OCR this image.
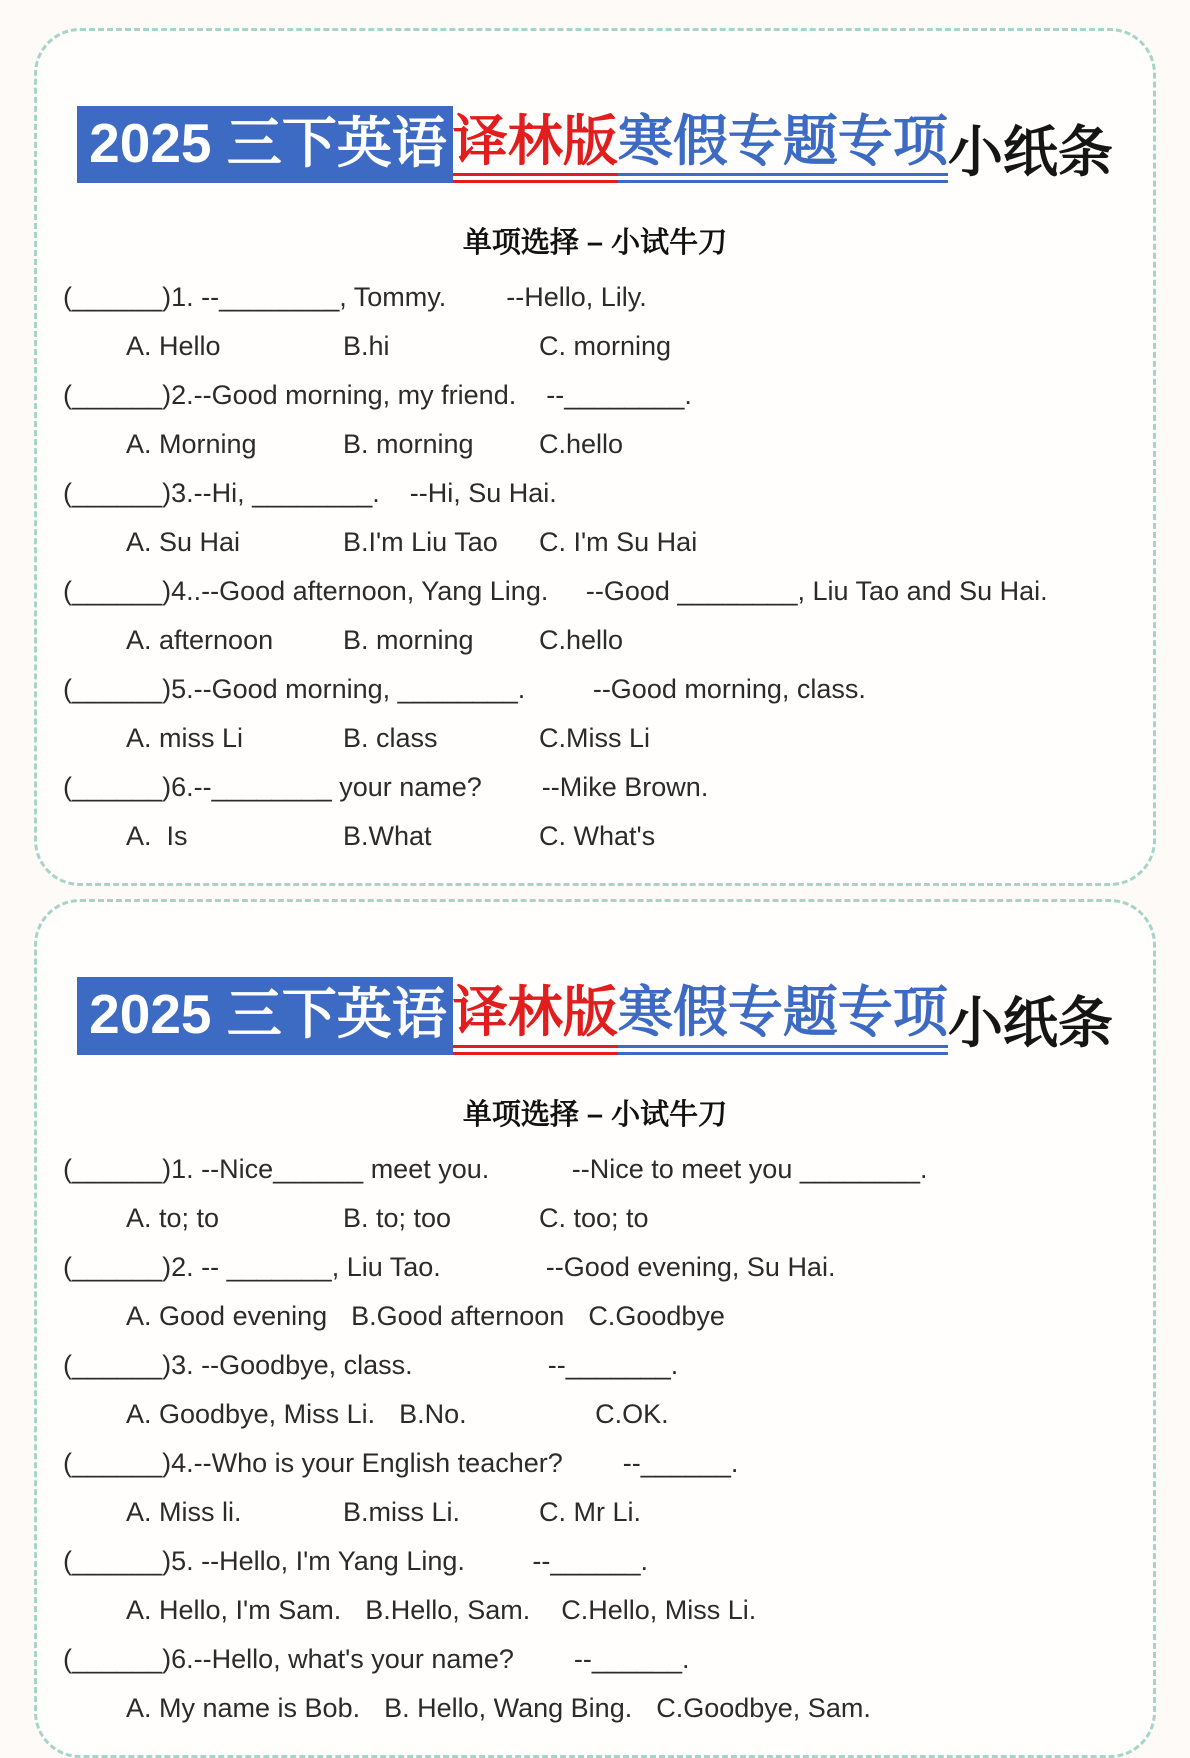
2025 三下英语 译林版 寒假专题专项 小纸条
单项选择 – 小试牛刀
(______)1. --________, Tommy.        --Hello, Lily.
A. Hello	B.hi	C. morning
(______)2.--Good morning, my friend.    --________.
A. Morning	B. morning	C.hello
(______)3.--Hi, ________.    --Hi, Su Hai.
A. Su Hai	B.I'm Liu Tao	C. I'm Su Hai
(______)4..--Good afternoon, Yang Ling.     --Good ________, Liu Tao and Su Hai.
A. afternoon	B. morning	C.hello
(______)5.--Good morning, ________.         --Good morning, class.
A. miss Li	B. class	C.Miss Li
(______)6.--________ your name?        --Mike Brown.
A.  Is	B.What	C. What's
2025 三下英语 译林版 寒假专题专项 小纸条
单项选择 – 小试牛刀
(______)1. --Nice______ meet you.           --Nice to meet you ________.
A. to; to	B. to; too	C. too; to
(______)2. -- _______, Liu Tao.              --Good evening, Su Hai.
A. Good evening B.Good afternoon C.Goodbye
(______)3. --Goodbye, class.                  --_______.
A. Goodbye, Miss Li. B.No.	C.OK.
(______)4.--Who is your English teacher?        --______.
A. Miss li.	B.miss Li.	C. Mr Li.
(______)5. --Hello, I'm Yang Ling.         --______.
A. Hello, I'm Sam. B.Hello, Sam.	C.Hello, Miss Li.
(______)6.--Hello, what's your name?        --______.
A. My name is Bob. B. Hello, Wang Bing. C.Goodbye, Sam.
